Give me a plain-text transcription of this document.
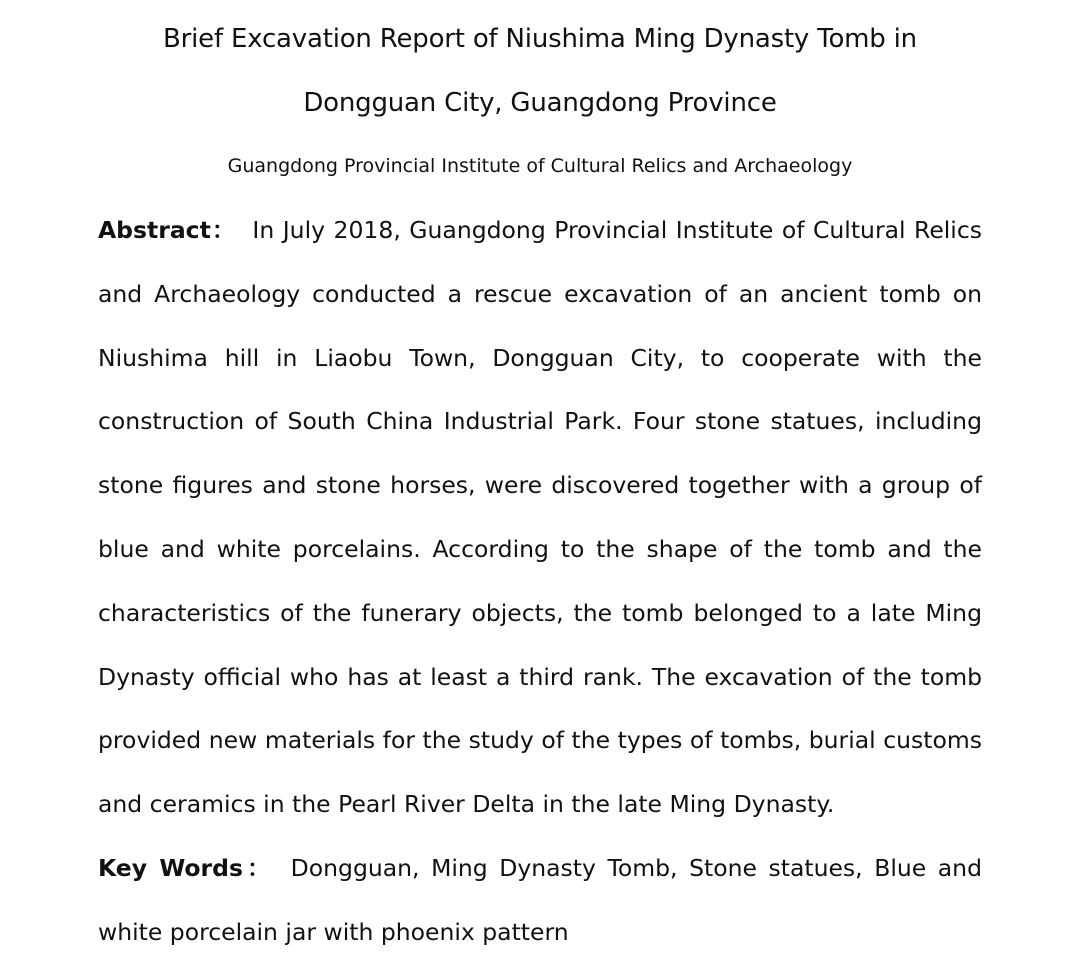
Brief Excavation Report of Niushima Ming Dynasty Tomb in
Dongguan City, Guangdong Province
Guangdong Provincial Institute of Cultural Relics and Archaeology
Abstract： In July 2018, Guangdong Provincial Institute of Cultural Relics and Archaeology conducted a rescue excavation of an ancient tomb on Niushima hill in Liaobu Town, Dongguan City, to cooperate with the construction of South China Industrial Park. Four stone statues, including stone figures and stone horses, were discovered together with a group of blue and white porcelains. According to the shape of the tomb and the characteristics of the funerary objects, the tomb belonged to a late Ming Dynasty official who has at least a third rank. The excavation of the tomb provided new materials for the study of the types of tombs, burial customs and ceramics in the Pearl River Delta in the late Ming Dynasty.
Key Words： Dongguan, Ming Dynasty Tomb, Stone statues, Blue and white porcelain jar with phoenix pattern
